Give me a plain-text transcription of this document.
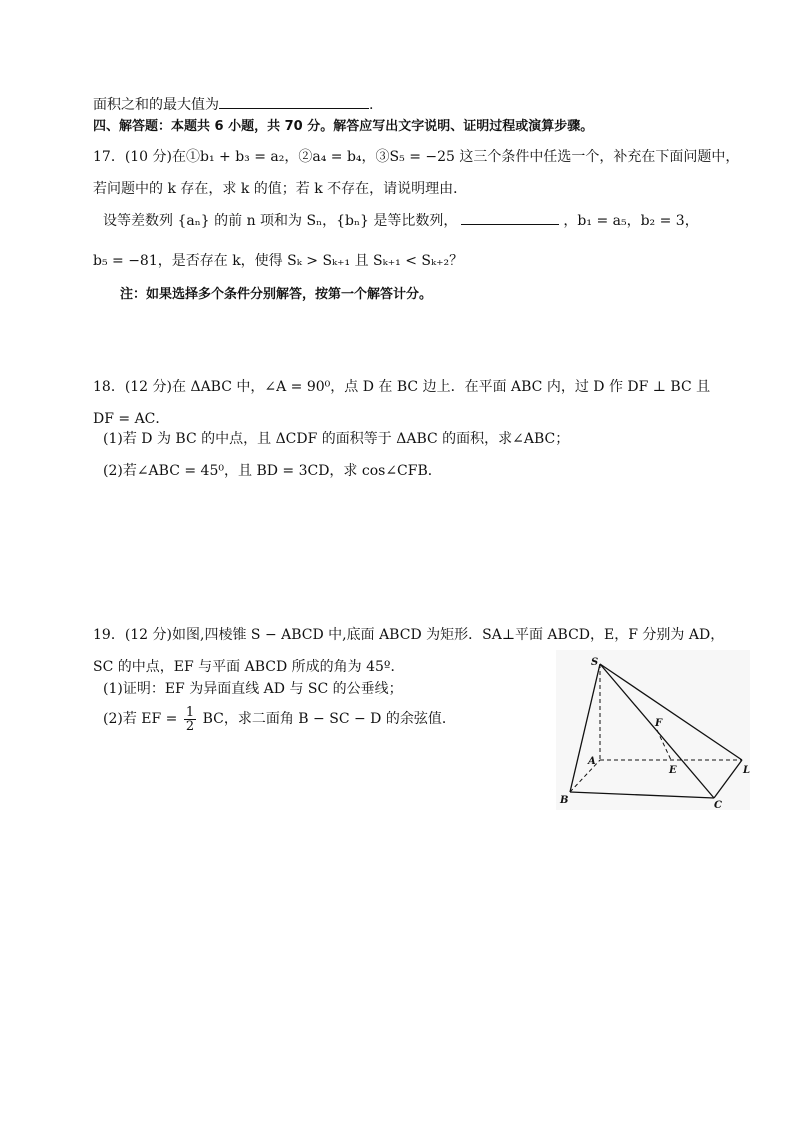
面积之和的最大值为	.
四、解答题：本题共 6 小题，共 70 分。解答应写出文字说明、证明过程或演算步骤。
17．(10 分)在①b₁ + b₃ = a₂，②a₄ = b₄，③S₅ = −25 这三个条件中任选一个，补充在下面问题中，
若问题中的 k 存在，求 k 的值；若 k 不存在，请说明理由．
设等差数列 {aₙ} 的前 n 项和为 Sₙ，{bₙ} 是等比数列，	，b₁ = a₅，b₂ = 3，
b₅ = −81，是否存在 k，使得 Sₖ > Sₖ₊₁ 且 Sₖ₊₁ < Sₖ₊₂？
注：如果选择多个条件分别解答，按第一个解答计分。
18．(12 分)在 ΔABC 中，∠A = 90⁰，点 D 在 BC 边上．在平面 ABC 内，过 D 作 DF ⊥ BC 且
DF = AC．
(1)若 D 为 BC 的中点，且 ΔCDF 的面积等于 ΔABC 的面积，求∠ABC；
(2)若∠ABC = 45⁰，且 BD = 3CD，求 cos∠CFB．
19．(12 分)如图,四棱锥 S − ABCD 中,底面 ABCD 为矩形．SA⊥平面 ABCD，E，F 分别为 AD，
SC 的中点，EF 与平面 ABCD 所成的角为 45º．
(1)证明：EF 为异面直线 AD 与 SC 的公垂线；
(2)若 EF = $\frac{1}{2}$ BC，求二面角 B − SC − D 的余弦值．
S
A
B	C
L
E
F
